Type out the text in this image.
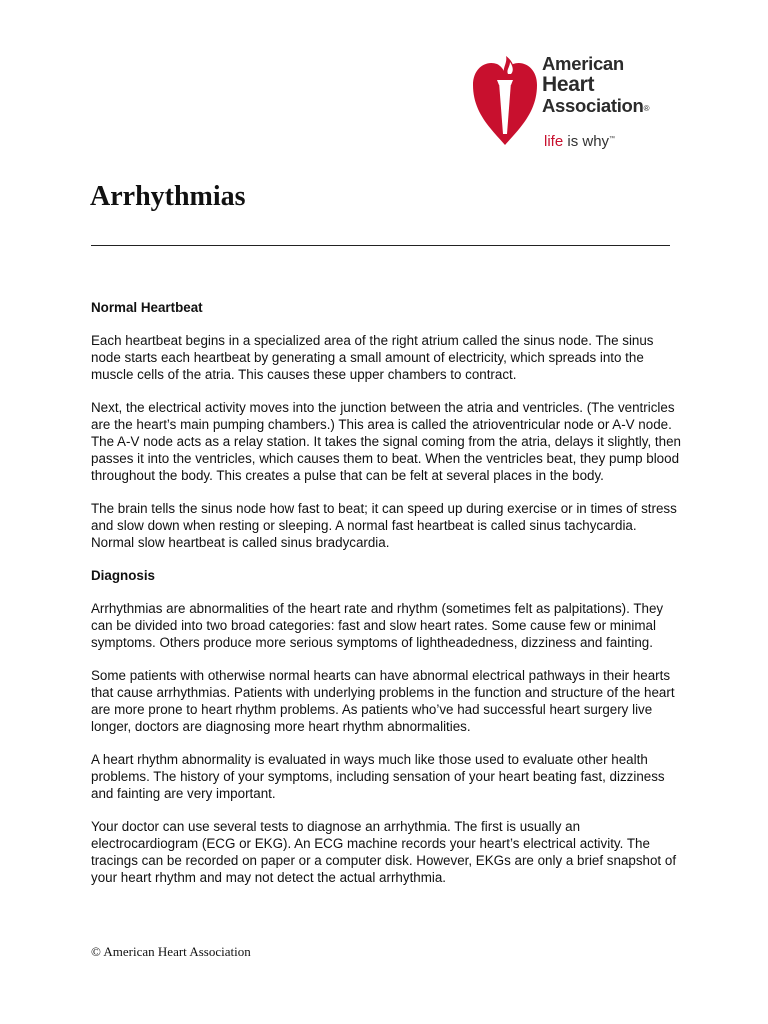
American
Heart
Association®
life is why™
Arrhythmias
Normal Heartbeat

Each heartbeat begins in a specialized area of the right atrium called the sinus node. The sinus node starts each heartbeat by generating a small amount of electricity, which spreads into the muscle cells of the atria. This causes these upper chambers to contract.

Next, the electrical activity moves into the junction between the atria and ventricles. (The ventricles are the heart’s main pumping chambers.) This area is called the atrioventricular node or A-V node. The A-V node acts as a relay station. It takes the signal coming from the atria, delays it slightly, then passes it into the ventricles, which causes them to beat. When the ventricles beat, they pump blood throughout the body. This creates a pulse that can be felt at several places in the body.

The brain tells the sinus node how fast to beat; it can speed up during exercise or in times of stress and slow down when resting or sleeping. A normal fast heartbeat is called sinus tachycardia. Normal slow heartbeat is called sinus bradycardia.

Diagnosis

Arrhythmias are abnormalities of the heart rate and rhythm (sometimes felt as palpitations). They can be divided into two broad categories: fast and slow heart rates. Some cause few or minimal symptoms. Others produce more serious symptoms of lightheadedness, dizziness and fainting.

Some patients with otherwise normal hearts can have abnormal electrical pathways in their hearts that cause arrhythmias. Patients with underlying problems in the function and structure of the heart are more prone to heart rhythm problems. As patients who’ve had successful heart surgery live longer, doctors are diagnosing more heart rhythm abnormalities.

A heart rhythm abnormality is evaluated in ways much like those used to evaluate other health problems. The history of your symptoms, including sensation of your heart beating fast, dizziness and fainting are very important.

Your doctor can use several tests to diagnose an arrhythmia. The first is usually an electrocardiogram (ECG or EKG). An ECG machine records your heart’s electrical activity. The tracings can be recorded on paper or a computer disk. However, EKGs are only a brief snapshot of your heart rhythm and may not detect the actual arrhythmia.

© American Heart Association
